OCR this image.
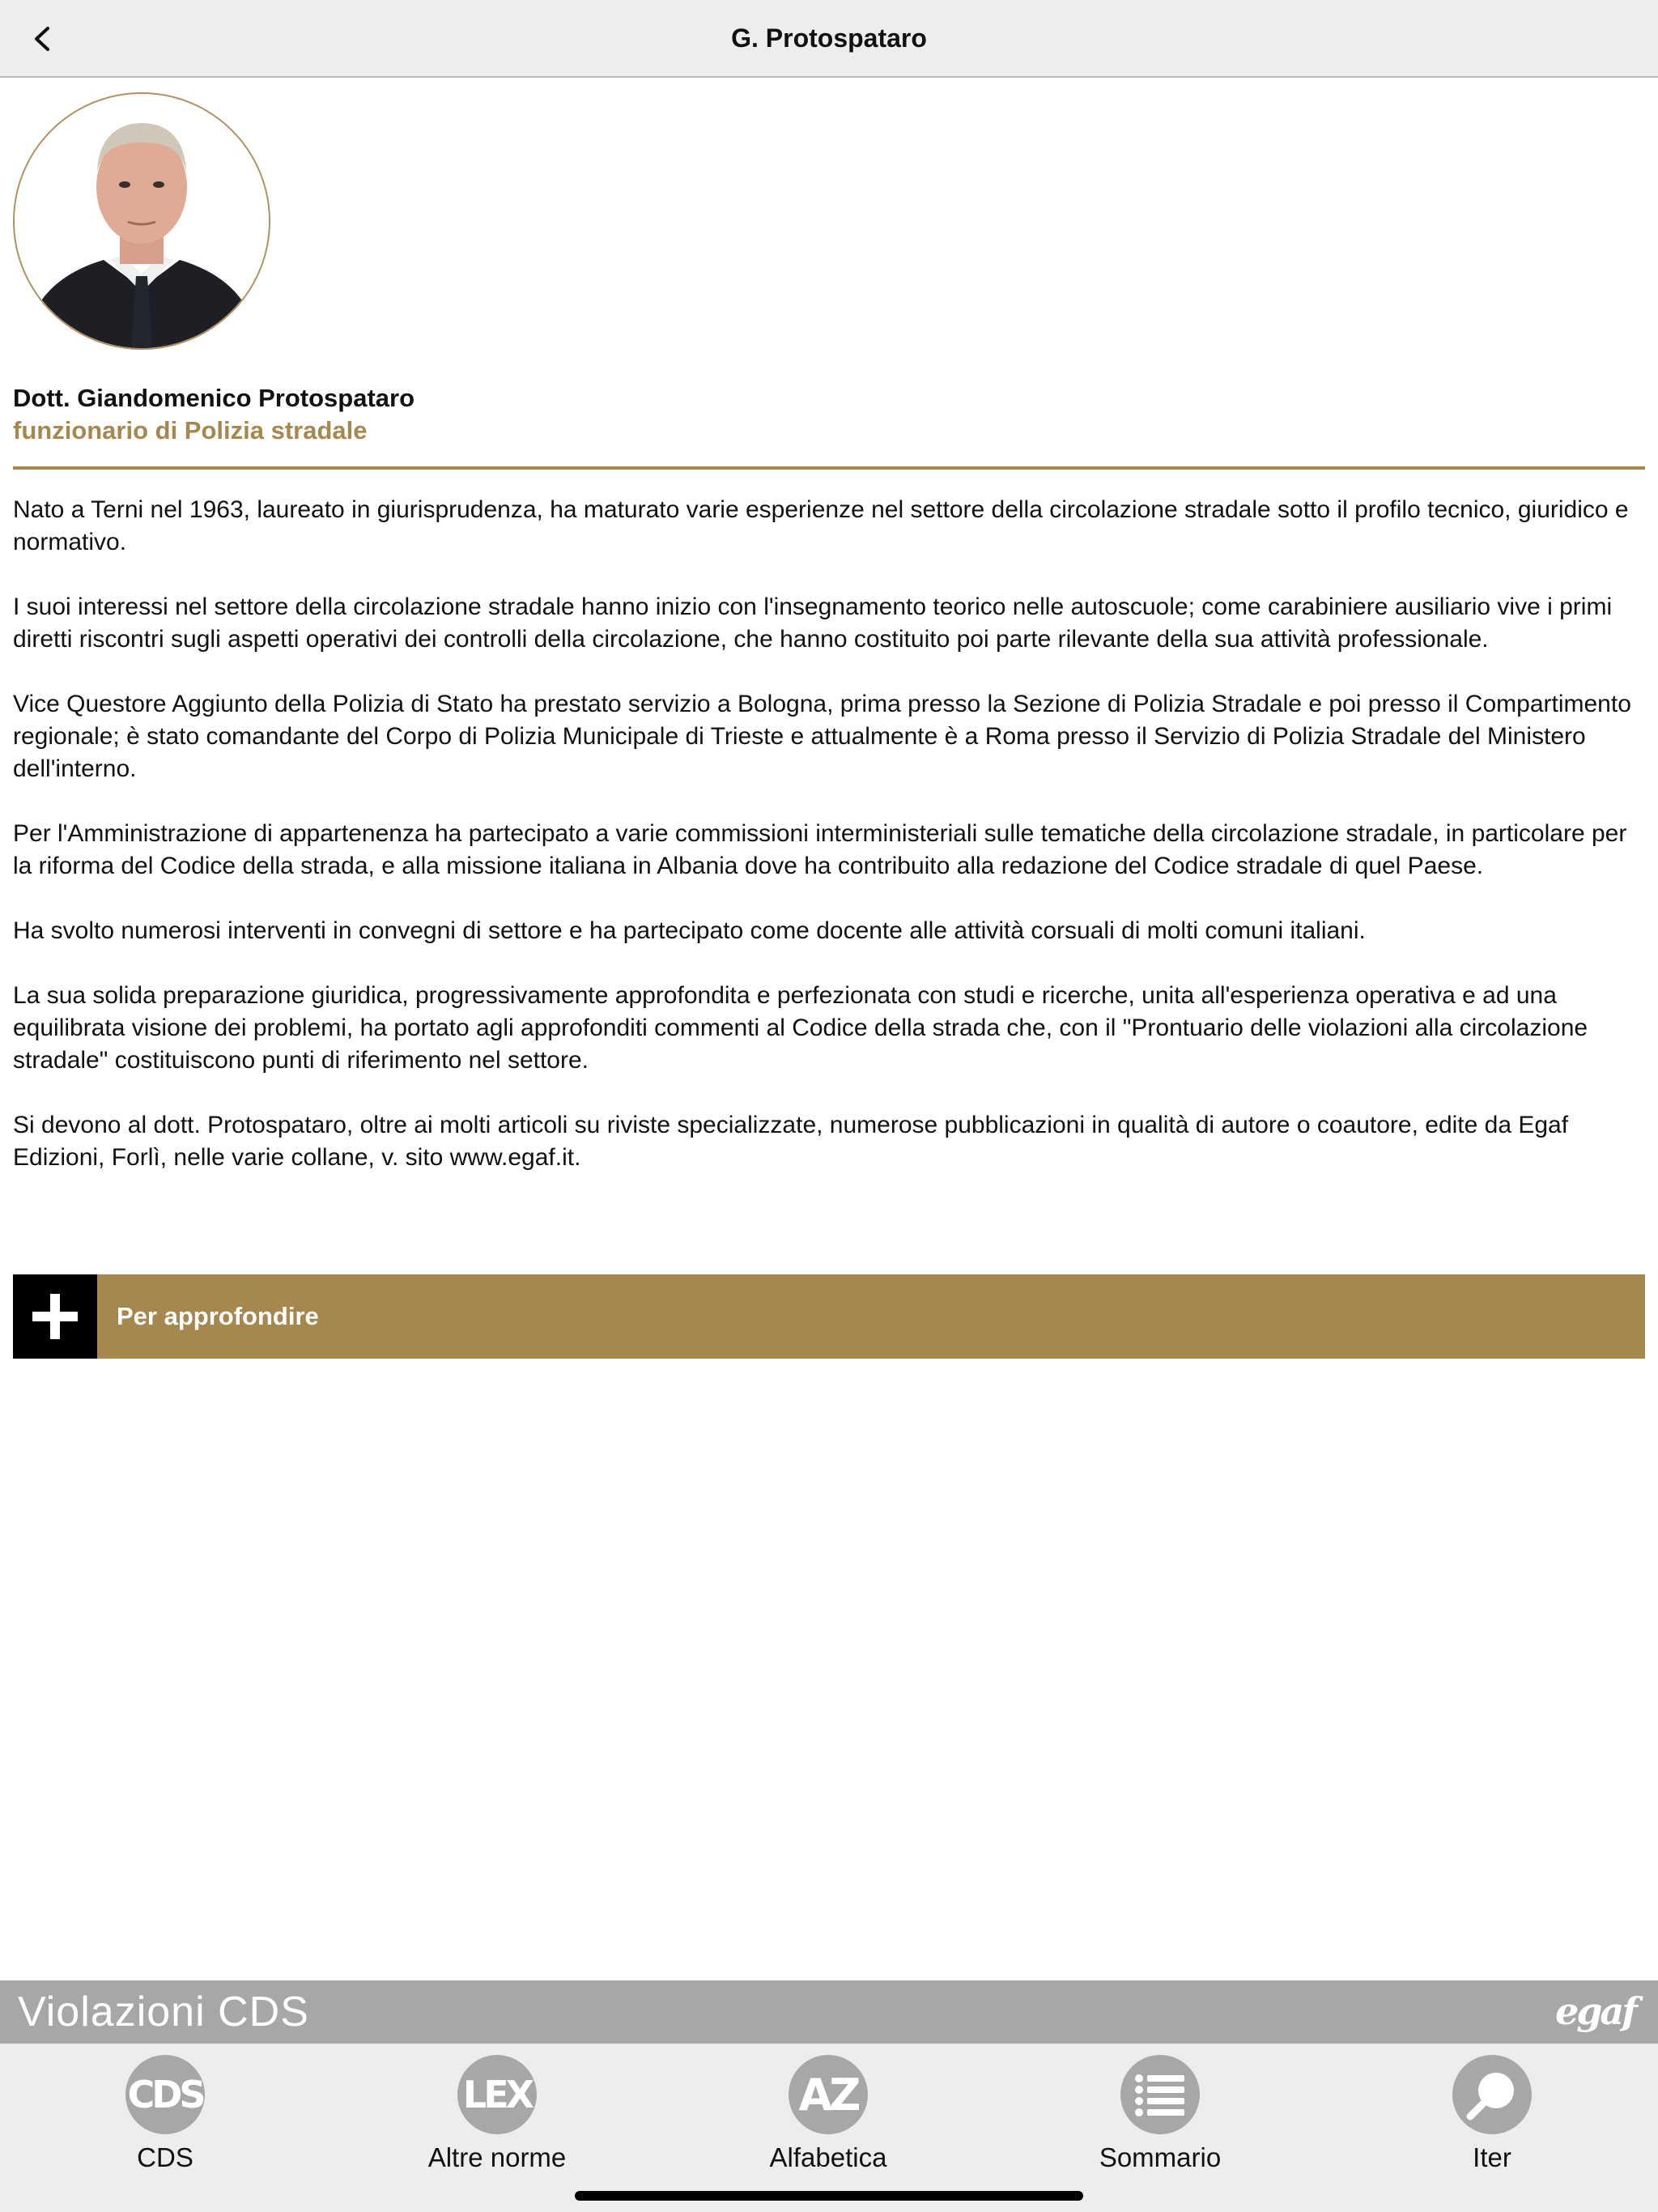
G. Protospataro
Dott. Giandomenico Protospataro
funzionario di Polizia stradale

Nato a Terni nel 1963, laureato in giurisprudenza, ha maturato varie esperienze nel settore della circolazione stradale sotto il profilo tecnico, giuridico e normativo.

I suoi interessi nel settore della circolazione stradale hanno inizio con l'insegnamento teorico nelle autoscuole; come carabiniere ausiliario vive i primi diretti riscontri sugli aspetti operativi dei controlli della circolazione, che hanno costituito poi parte rilevante della sua attività professionale.

Vice Questore Aggiunto della Polizia di Stato ha prestato servizio a Bologna, prima presso la Sezione di Polizia Stradale e poi presso il Compartimento regionale; è stato comandante del Corpo di Polizia Municipale di Trieste e attualmente è a Roma presso il Servizio di Polizia Stradale del Ministero dell'interno.

Per l'Amministrazione di appartenenza ha partecipato a varie commissioni interministeriali sulle tematiche della circolazione stradale, in particolare per la riforma del Codice della strada, e alla missione italiana in Albania dove ha contribuito alla redazione del Codice stradale di quel Paese.

Ha svolto numerosi interventi in convegni di settore e ha partecipato come docente alle attività corsuali di molti comuni italiani.

La sua solida preparazione giuridica, progressivamente approfondita e perfezionata con studi e ricerche, unita all'esperienza operativa e ad una equilibrata visione dei problemi, ha portato agli approfonditi commenti al Codice della strada che, con il "Prontuario delle violazioni alla circolazione stradale" costituiscono punti di riferimento nel settore.

Si devono al dott. Protospataro, oltre ai molti articoli su riviste specializzate, numerose pubblicazioni in qualità di autore o coautore, edite da Egaf Edizioni, Forlì, nelle varie collane, v. sito www.egaf.it.

Per approfondire
Violazioni CDS	egaf
CDS
CDS
LEX
Altre norme
AZ
Alfabetica	Sommario	Iter
